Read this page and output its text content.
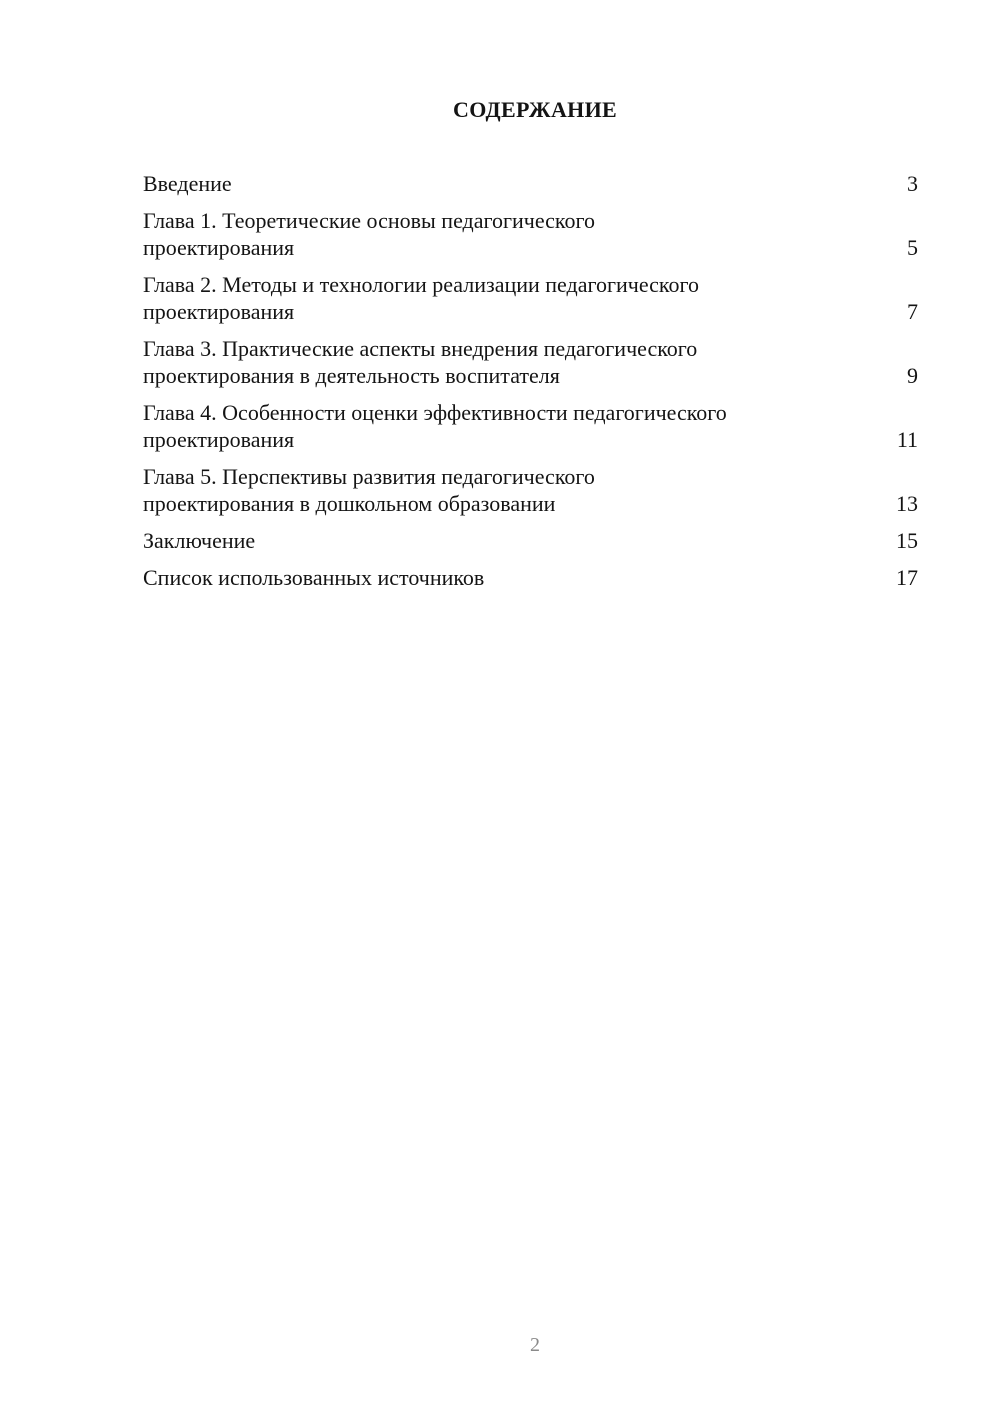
СОДЕРЖАНИЕ
Введение	3
Глава 1. Теоретические основы педагогического
проектирования	5
Глава 2. Методы и технологии реализации педагогического
проектирования	7
Глава 3. Практические аспекты внедрения педагогического
проектирования в деятельность воспитателя	9
Глава 4. Особенности оценки эффективности педагогического
проектирования	11
Глава 5. Перспективы развития педагогического
проектирования в дошкольном образовании	13
Заключение	15
Список использованных источников	17
2
